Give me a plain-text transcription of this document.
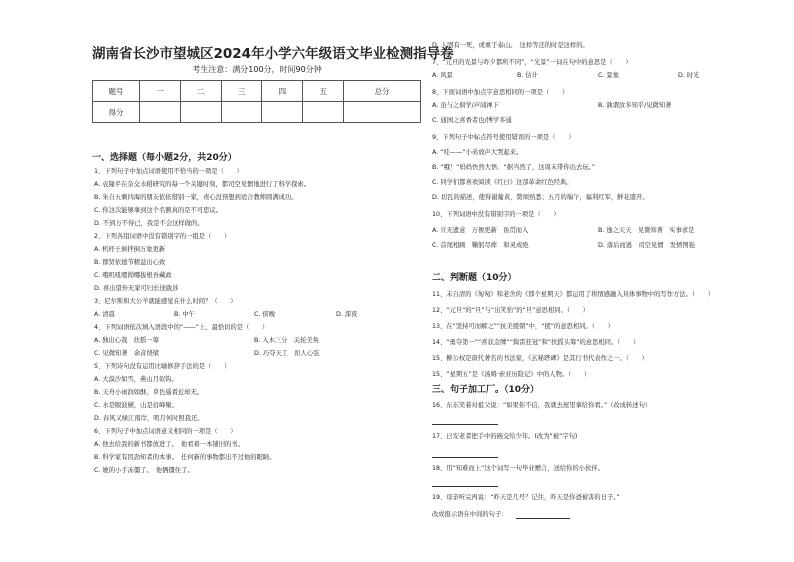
湖南省长沙市望城区2024年小学六年级语文毕业检测指导卷
考生注意：满分100分，时间90分钟
题号	一	二	三	四	五	总分
得分						
一、选择题（每小题2分，共20分）
1、下列句子中加点词语使用不恰当的一项是（　　）
A. 袁隆平在杂交水稻研究的每一个关键时刻，都司空见惯地进行了科学探索。
B. 朱自五剩四海的朋友依依惜别一家，责心没预想到适合教师圆满成功。
C. 你这次能够拿到这个名额真的是不可思议。
D. 不到万不得已，我是不会这样做的。
2、下列各组词语中没有错别字的一组是（　　）
A. 机杼王候拌倒万象更新
B. 群贤依德节精益出心致
C. 哦叽吼嗯拗哪拔根吾藏政
D. 喜出望外无家可归长途跋涉
3、尼尔斯和大公羊就能感觉在什么时间？（　　）
A. 清晨	B. 中午	C. 傍晚	D. 深夜
4、下列词语依次填入语段中的“——”上，最恰切的是（　　）
A. 独出心裁　扶摇一筹	B. 入木三分　关轮美奂
C. 见微知著　余音绕梁	D. 巧夺天工　扣人心弦
5、下列诗句没有运用比喻修辞手法的是（　　）
A. 大漠沙如雪，燕山月似钩。
B. 天舟小雨润如酥，草色遥看近却无。
C. 水是眼波横，山是眉峰聚。
D. 春风又绿江南岸，明月何时照我还。
6、下列句子中加点词语意义相同的一项是（　　）
A. 他去给我的新书都放进了。　他看着一本铺旧的书。
B. 科学家有因劲知者的本事。　任何新的事物都出不过他的眼睛。
C. 她的小手冻僵了。　他俩僵住了。
D. 人固有一死，或重于泰山。　这样等还的时是这样的。
7、“元旦的光景与昨夕都所不同”，“光景”一词在句中的意思是（　　）
A. 风景	B. 估计	C. 景象	D. 时光
8、下面词语中加点字意思相同的一项是（　　）
A. 虽与之俱学/声闻禅下	B. 孰谓汝多知乎/见微知著
C. 通园之喜香者也/博学多通
9、下列句子中标点符号使用错误的一项是（　　）
A. “哇——”小弟放声大哭起来。
B. “哦！”妈妈快然大悟：“据当然了，这周末带你出去玩。”
C. 同学们都喜欢阅读《红日》这部革命红色经典。
D. 切瓦的描述，使得谢葡黄，赞颂熟悉；五月的端午，福利红军，鲜花盛开。
10、下列词语中没有错别字的一项是（　　）
A. 亘无遗意　万像更新　鱼贯而入	B. 逸之天天　见微知著　实事求是
C. 首尾相顾　鞠躬尽瘁　和灵成绝	D. 落后而逃　司空见惯　发愤图强
二、判断题（10分）
11、未自清的《匆匆》和老舍的《那个星期天》都运用了将情感融入具体事物中的写作方法。（　　）
12、“元旦”的“旦”与“出笑怡”的“旦”意思相同。（　　）
13、在“坚持可而解之”“抗美援朝”中，“援”的意思相同。（　　）
14、“勇夺第一”“喜获金牌”“捣雷狂冠”和“扶摇头筹”的意思相同。（　　）
15、柳公权是唐代著名的书法家，《玄秘塔碑》是其行书代表作之一。（　　）
15、“星期五”是《汤姆·索亚历险记》中的人物。（　　）
三、句子加工厂。（10分）
16、东东笑着对祖父说：“如果你不信，我就去屋里拿给你看。”（改成转述句）
17、日安老者把手中的碗交给少年。(改为“被”字句)
18、用“知难而上”这个词写一句毕业赠言，送给你的小伙伴。
19、母亲听完再说：“昨天是几号？记住，昨天是你爸被害的日子。”
改成报示语在中间的句子：
